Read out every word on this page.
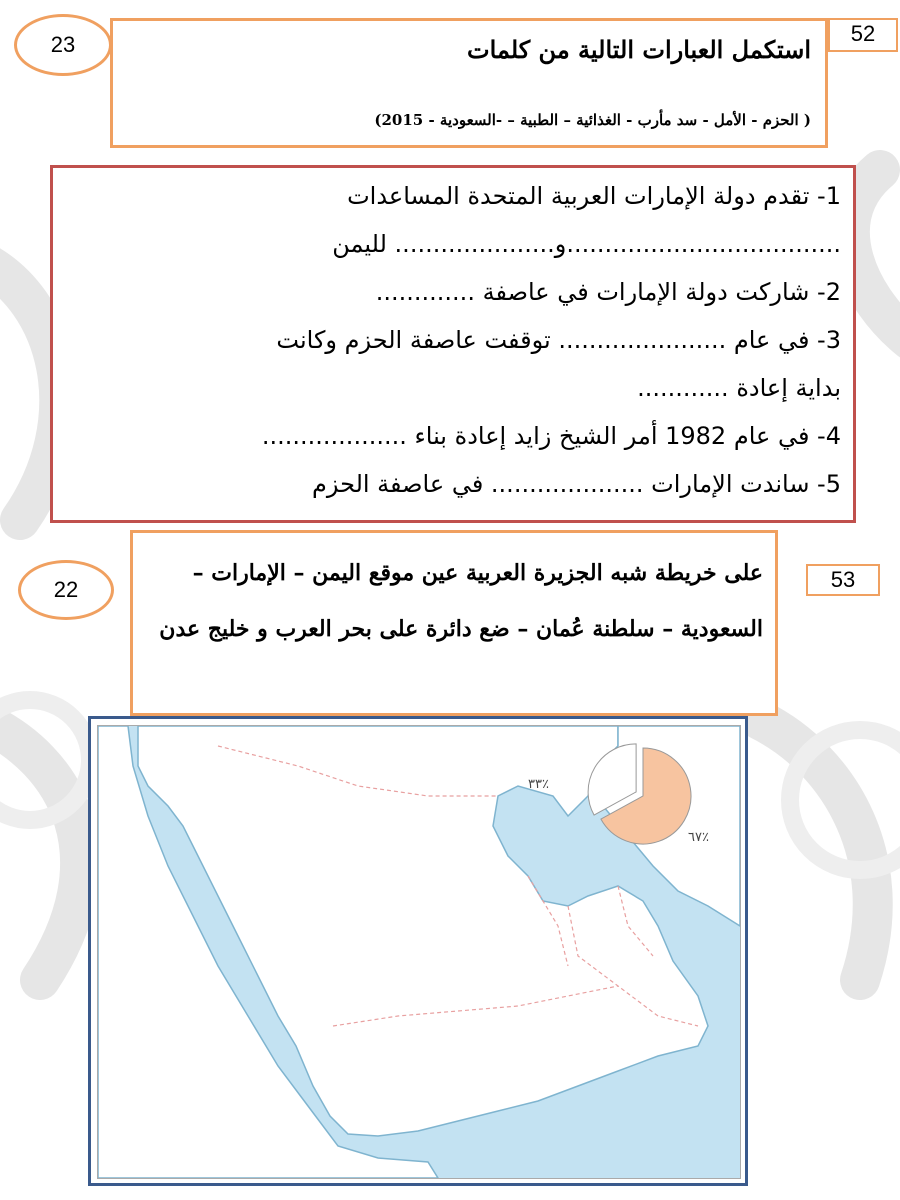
52
23	استكمل العبارات التالية من كلمات
( الحزم - الأمل - سد مأرب - الغذائية – الطبية – -السعودية - 2015)
1- تقدم دولة الإمارات العربية المتحدة المساعدات
....................................و..................... لليمن
2- شاركت دولة الإمارات في عاصفة .............
3- في عام ...................... توقفت عاصفة الحزم وكانت
بداية إعادة ............
4- في عام 1982 أمر الشيخ زايد إعادة بناء ...................
5- ساندت الإمارات .................... في عاصفة الحزم
22	53
على خريطة شبه الجزيرة العربية عين موقع اليمن – الإمارات – السعودية – سلطنة عُمان – ضع دائرة على بحر العرب و خليج عدن
٣٣٪
٦٧٪
